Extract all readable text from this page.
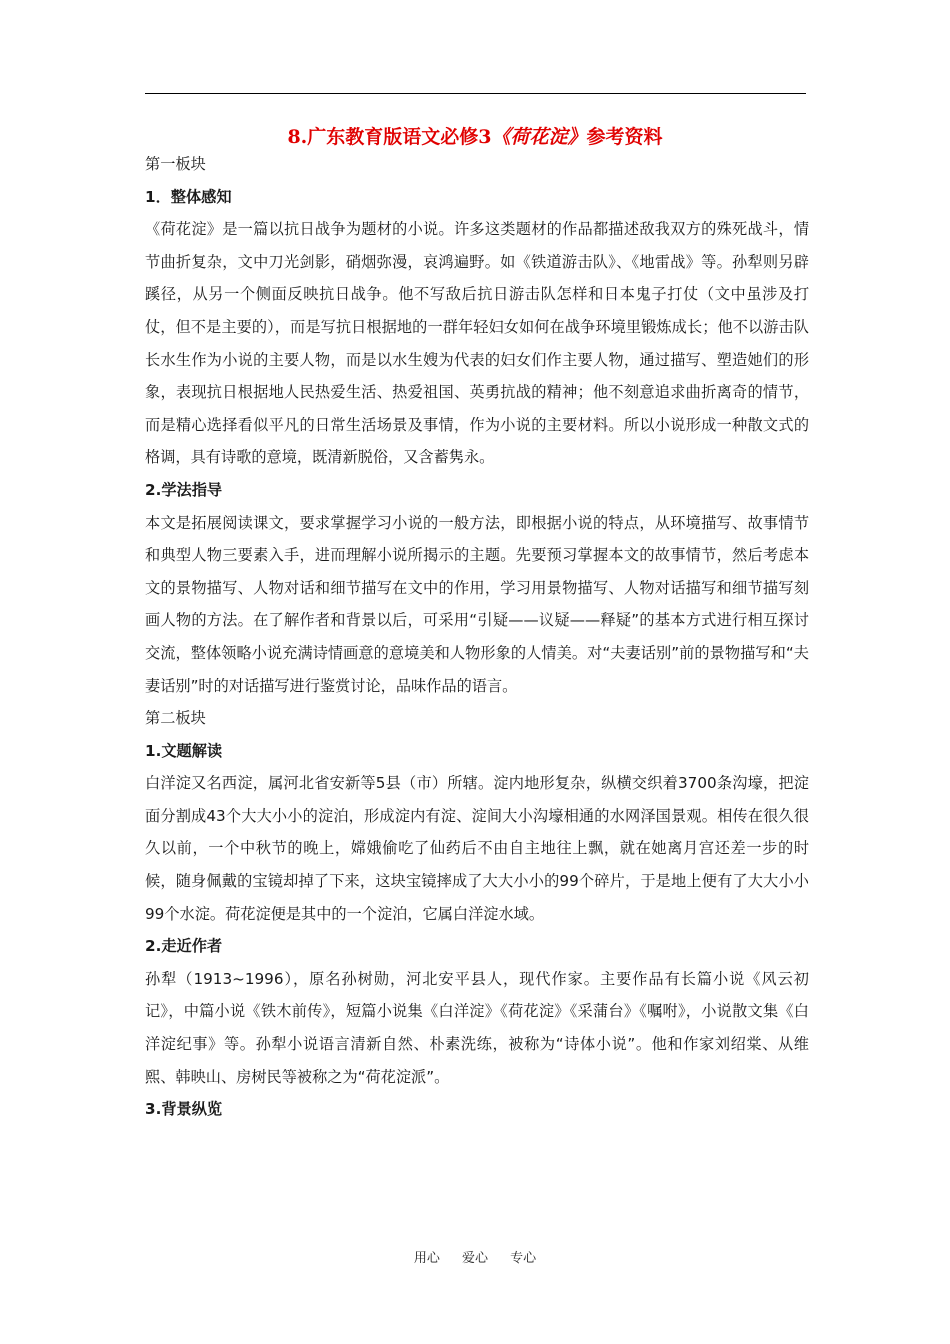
8.广东教育版语文必修3《荷花淀》参考资料

第一板块

1．整体感知

《荷花淀》是一篇以抗日战争为题材的小说。许多这类题材的作品都描述敌我双方的殊死战斗，情节曲折复杂，文中刀光剑影，硝烟弥漫，哀鸿遍野。如《铁道游击队》、《地雷战》等。孙犁则另辟蹊径，从另一个侧面反映抗日战争。他不写敌后抗日游击队怎样和日本鬼子打仗（文中虽涉及打仗，但不是主要的），而是写抗日根据地的一群年轻妇女如何在战争环境里锻炼成长；他不以游击队长水生作为小说的主要人物，而是以水生嫂为代表的妇女们作主要人物，通过描写、塑造她们的形象，表现抗日根据地人民热爱生活、热爱祖国、英勇抗战的精神；他不刻意追求曲折离奇的情节，而是精心选择看似平凡的日常生活场景及事情，作为小说的主要材料。所以小说形成一种散文式的格调，具有诗歌的意境，既清新脱俗，又含蓄隽永。

2.学法指导

本文是拓展阅读课文，要求掌握学习小说的一般方法，即根据小说的特点，从环境描写、故事情节和典型人物三要素入手，进而理解小说所揭示的主题。先要预习掌握本文的故事情节，然后考虑本文的景物描写、人物对话和细节描写在文中的作用，学习用景物描写、人物对话描写和细节描写刻画人物的方法。在了解作者和背景以后，可采用“引疑——议疑——释疑”的基本方式进行相互探讨交流，整体领略小说充满诗情画意的意境美和人物形象的人情美。对“夫妻话别”前的景物描写和“夫妻话别”时的对话描写进行鉴赏讨论，品味作品的语言。

第二板块

1.文题解读

白洋淀又名西淀，属河北省安新等5县（市）所辖。淀内地形复杂，纵横交织着3700条沟壕，把淀面分割成43个大大小小的淀泊，形成淀内有淀、淀间大小沟壕相通的水网泽国景观。相传在很久很久以前，一个中秋节的晚上，嫦娥偷吃了仙药后不由自主地往上飘，就在她离月宫还差一步的时候，随身佩戴的宝镜却掉了下来，这块宝镜摔成了大大小小的99个碎片，于是地上便有了大大小小99个水淀。荷花淀便是其中的一个淀泊，它属白洋淀水域。

2.走近作者

孙犁（1913~1996），原名孙树勋，河北安平县人，现代作家。主要作品有长篇小说《风云初记》，中篇小说《铁木前传》，短篇小说集《白洋淀》《荷花淀》《采蒲台》《嘱咐》，小说散文集《白洋淀纪事》等。孙犁小说语言清新自然、朴素洗练，被称为“诗体小说”。他和作家刘绍棠、从维熙、韩映山、房树民等被称之为“荷花淀派”。

3.背景纵览

用心 爱心 专心
